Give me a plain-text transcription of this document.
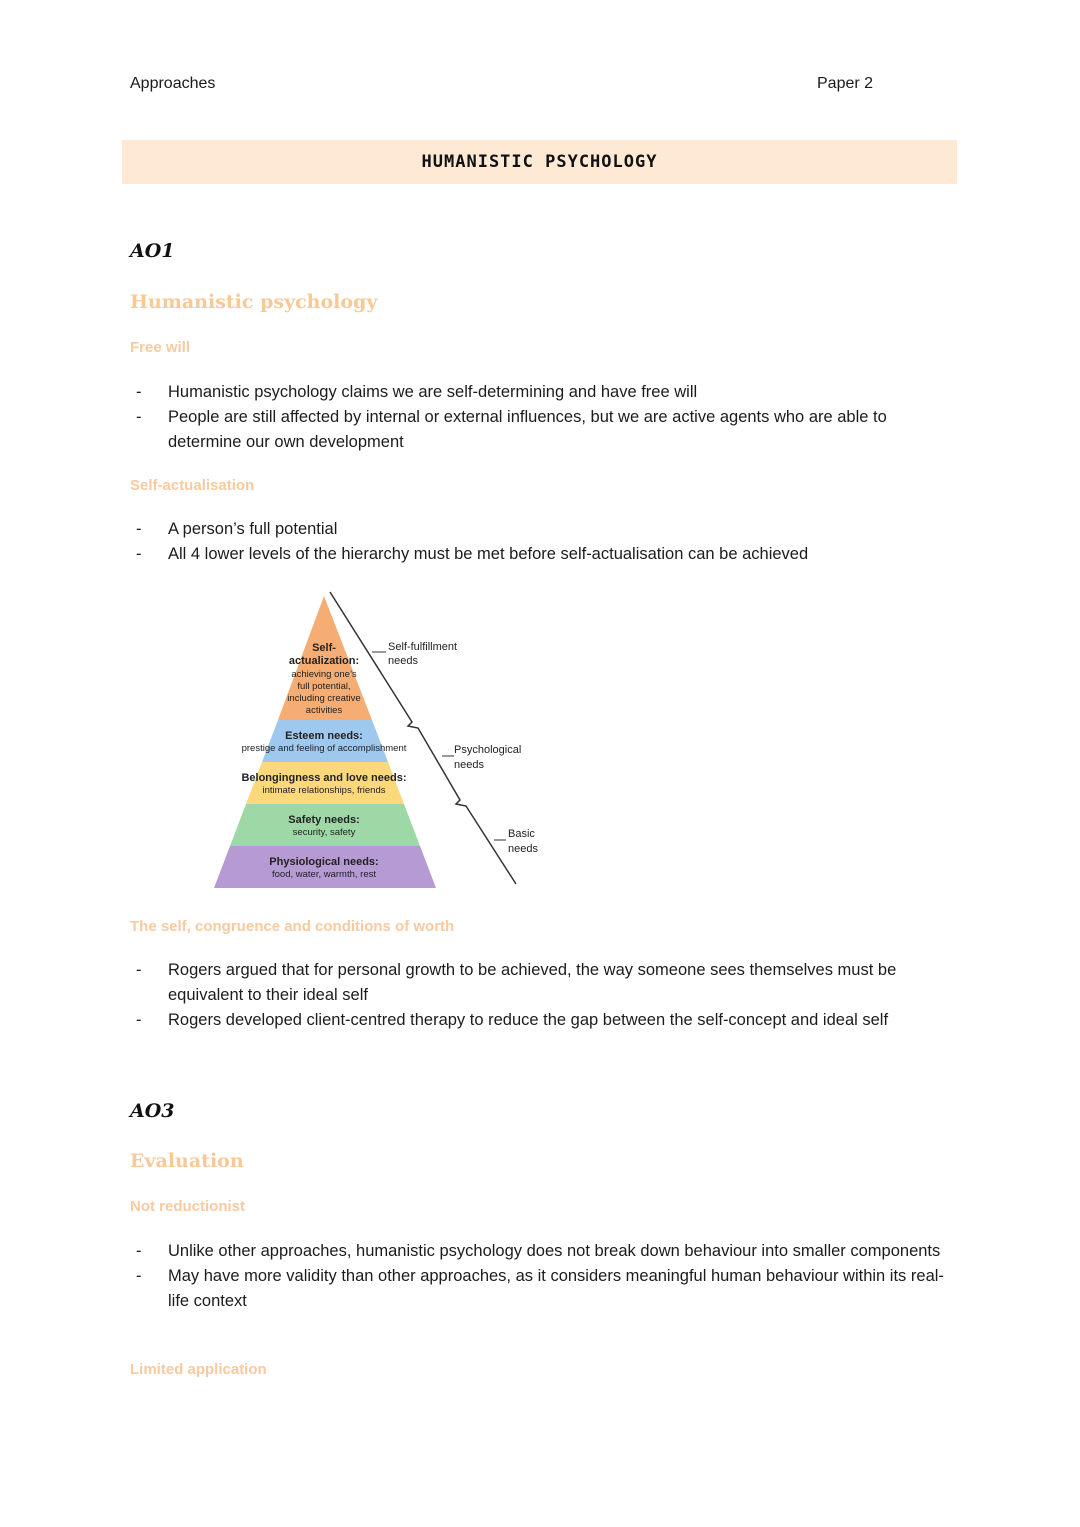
Approaches	Paper 2
HUMANISTIC PSYCHOLOGY
AO1
Humanistic psychology
Free will
- Humanistic psychology claims we are self-determining and have free will
- People are still affected by internal or external influences, but we are active agents who are able to determine our own development
Self-actualisation
- A person’s full potential
- All 4 lower levels of the hierarchy must be met before self-actualisation can be achieved
Self-
actualization:
achieving one’s
full potential,
including creative
activities
Esteem needs:
prestige and feeling of accomplishment
Belongingness and love needs:
intimate relationships, friends
Safety needs:
security, safety
Physiological needs:
food, water, warmth, rest
Self-fulfillment
needs
Psychological
needs
Basic
needs
The self, congruence and conditions of worth
- Rogers argued that for personal growth to be achieved, the way someone sees themselves must be equivalent to their ideal self
- Rogers developed client-centred therapy to reduce the gap between the self-concept and ideal self
AO3
Evaluation
Not reductionist
- Unlike other approaches, humanistic psychology does not break down behaviour into smaller components
- May have more validity than other approaches, as it considers meaningful human behaviour within its real-life context
Limited application
